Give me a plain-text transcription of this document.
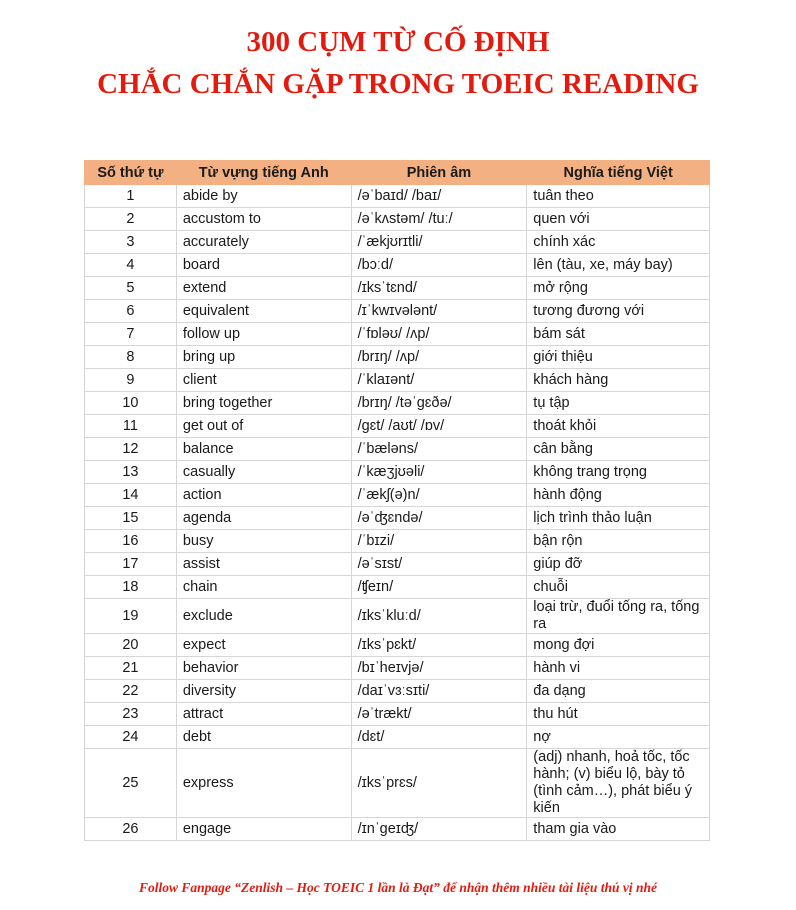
300 CỤM TỪ CỐ ĐỊNH
CHẮC CHẮN GẶP TRONG TOEIC READING
Số thứ tự	Từ vựng tiếng Anh	Phiên âm	Nghĩa tiếng Việt
1	abide by	/əˈbaɪd/ /baɪ/	tuân theo
2	accustom to	/əˈkʌstəm/ /tuː/	quen với
3	accurately	/ˈækjʊrɪtli/	chính xác
4	board	/bɔːd/	lên (tàu, xe, máy bay)
5	extend	/ɪksˈtɛnd/	mở rộng
6	equivalent	/ɪˈkwɪvələnt/	tương đương với
7	follow up	/ˈfɒləʊ/ /ʌp/	bám sát
8	bring up	/brɪŋ/ /ʌp/	giới thiệu
9	client	/ˈklaɪənt/	khách hàng
10	bring together	/brɪŋ/ /təˈgɛðə/	tụ tập
11	get out of	/gɛt/ /aʊt/ /ɒv/	thoát khỏi
12	balance	/ˈbæləns/	cân bằng
13	casually	/ˈkæʒjʊəli/	không trang trọng
14	action	/ˈækʃ(ə)n/	hành động
15	agenda	/əˈʤɛndə/	lịch trình thảo luận
16	busy	/ˈbɪzi/	bận rộn
17	assist	/əˈsɪst/	giúp đỡ
18	chain	/ʧeɪn/	chuỗi
19	exclude	/ɪksˈkluːd/	loại trừ, đuổi tống ra, tống ra
20	expect	/ɪksˈpɛkt/	mong đợi
21	behavior	/bɪˈheɪvjə/	hành vi
22	diversity	/daɪˈvɜːsɪti/	đa dạng
23	attract	/əˈtrækt/	thu hút
24	debt	/dɛt/	nợ
25	express	/ɪksˈprɛs/	(adj) nhanh, hoả tốc, tốc hành; (v) biểu lộ, bày tỏ (tình cảm…), phát biểu ý kiến
26	engage	/ɪnˈgeɪʤ/	tham gia vào
Follow Fanpage “Zenlish – Học TOEIC 1 lần là Đạt” để nhận thêm nhiều tài liệu thú vị nhé
